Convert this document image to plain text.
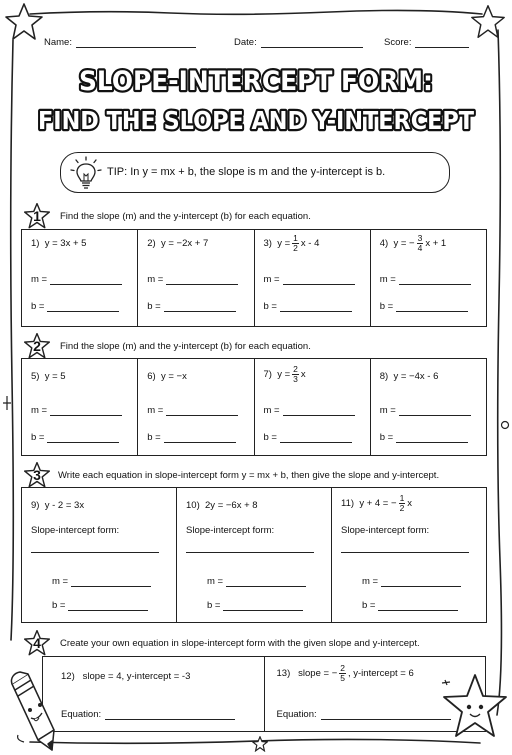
Name:	Date:	Score:
SLOPE-INTERCEPT FORM:
FIND THE SLOPE AND Y-INTERCEPT
TIP: In y = mx + b, the slope is m and the y-intercept is b.
1	Find the slope (m) and the y-intercept (b) for each equation.
1)
y = 3x + 5
m =
b =
2)
y = −2x + 7
m =
b =
3)
$y = \frac{1}{2}$ x - 4
m =
b =
4)
y = − $\frac{3}{4}$ x + 1
m =
b =
2	Find the slope (m) and the y-intercept (b) for each equation.
5)
y = 5
m =
b =
6)
y = −x
m =
b =
7)
$y = \frac{2}{3}$ x
m =
b =
8)
y = −4x - 6
m =
b =
3	Write each equation in slope-intercept form y = mx + b, then give the slope and y-intercept.
9)
y - 2 = 3x
Slope-intercept form:
m =
b =
10)
2y = −6x + 8
Slope-intercept form:
m =
b =
11)
y + 4 = − $\frac{1}{2}$ x
Slope-intercept form:
m =
b =
4	Create your own equation in slope-intercept form with the given slope and y-intercept.
12)
slope = 4, y-intercept = -3
Equation:
13)
slope = − $\frac{2}{5}$ , y-intercept = 6
Equation:
